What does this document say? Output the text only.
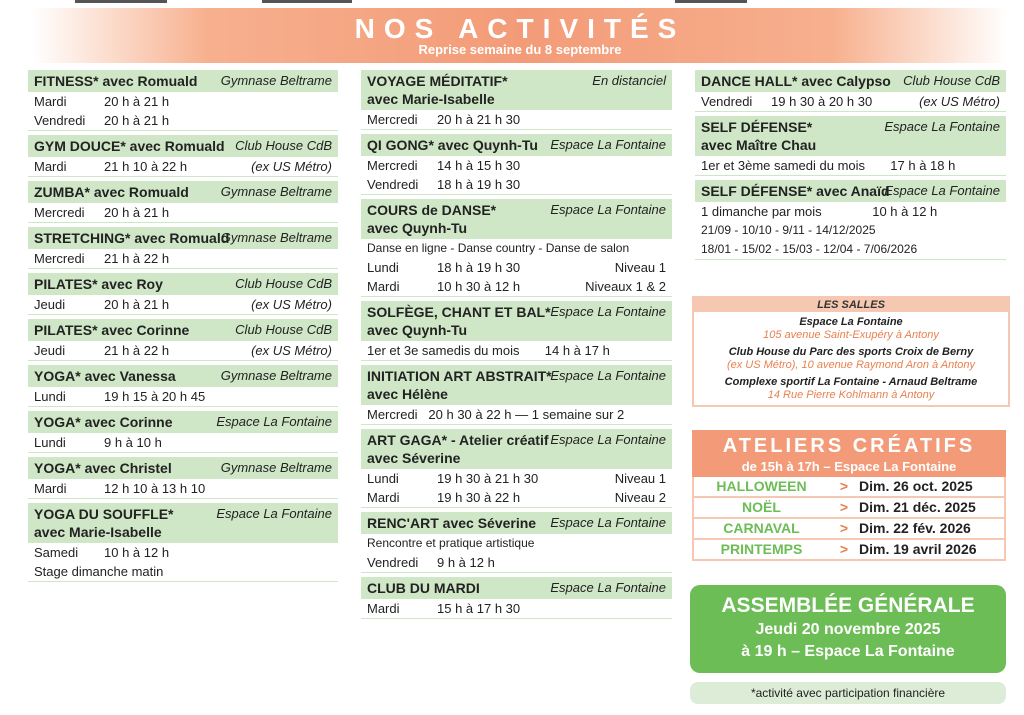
NOS ACTIVITÉS
Reprise semaine du 8 septembre
FITNESS* avec Romuald Gymnase Beltrame
Mardi	20 h à 21 h
Vendredi	20 h à 21 h
GYM DOUCE* avec Romuald Club House CdB
Mardi	21 h 10 à 22 h	(ex US Métro)
ZUMBA* avec Romuald Gymnase Beltrame
Mercredi	20 h à 21 h
STRETCHING* avec Romuald
Gymnase Beltrame
Mercredi	21 h à 22 h
PILATES* avec Roy	Club House CdB
Jeudi	20 h à 21 h	(ex US Métro)
PILATES* avec Corinne	Club House CdB
Jeudi	21 h à 22 h	(ex US Métro)
YOGA* avec Vanessa	Gymnase Beltrame
Lundi	19 h 15 à 20 h 45
YOGA* avec Corinne	Espace La Fontaine
Lundi	9 h à 10 h
YOGA* avec Christel	Gymnase Beltrame
Mardi	12 h 10 à 13 h 10
YOGA DU SOUFFLE*	Espace La Fontaine
avec Marie-Isabelle
Samedi	10 h à 12 h
Stage dimanche matin
VOYAGE MÉDITATIF*	En distanciel
avec Marie-Isabelle
Mercredi	20 h à 21 h 30
QI GONG* avec Quynh-Tu Espace La Fontaine
Mercredi	14 h à 15 h 30
Vendredi	18 h à 19 h 30
COURS de DANSE*	Espace La Fontaine
avec Quynh-Tu
Danse en ligne - Danse country - Danse de salon
Lundi	18 h à 19 h 30	Niveau 1
Mardi	10 h 30 à 12 h	Niveaux 1 & 2
SOLFÈGE, CHANT ET BAL* Espace La Fontaine
avec Quynh-Tu
1er et 3e samedis du mois       14 h à 17 h
INITIATION ART ABSTRAIT*
Espace La Fontaine
avec Hélène
Mercredi   20 h 30 à 22 h — 1 semaine sur 2
ART GAGA* - Atelier créatif Espace La Fontaine
avec Séverine
Lundi	19 h 30 à 21 h 30	Niveau 1
Mardi	19 h 30 à 22 h	Niveau 2
RENC'ART avec Séverine Espace La Fontaine
Rencontre et pratique artistique
Vendredi	9 h à 12 h
CLUB DU MARDI	Espace La Fontaine
Mardi	15 h à 17 h 30
DANCE HALL* avec Calypso Club House CdB
Vendredi	19 h 30 à 20 h 30	(ex US Métro)
SELF DÉFENSE*	Espace La Fontaine
avec Maître Chau
1er et 3ème samedi du mois       17 h à 18 h
SELF DÉFENSE* avec Anaïd
Espace La Fontaine
1 dimanche par mois              10 h à 12 h
21/09 - 10/10 - 9/11 - 14/12/2025
18/01 - 15/02 - 15/03 - 12/04 - 7/06/2026
LES SALLES
Espace La Fontaine
105 avenue Saint-Exupéry à Antony
Club House du Parc des sports Croix de Berny
(ex US Métro), 10 avenue Raymond Aron à Antony
Complexe sportif La Fontaine - Arnaud Beltrame
14 Rue Pierre Kohlmann à Antony
ATELIERS CRÉATIFS
de 15h à 17h – Espace La Fontaine
HALLOWEEN	> Dim. 26 oct. 2025
NOËL	> Dim. 21 déc. 2025
CARNAVAL	> Dim. 22 fév. 2026
PRINTEMPS	> Dim. 19 avril 2026
ASSEMBLÉE GÉNÉRALE
Jeudi 20 novembre 2025
à 19 h – Espace La Fontaine
*activité avec participation financière
